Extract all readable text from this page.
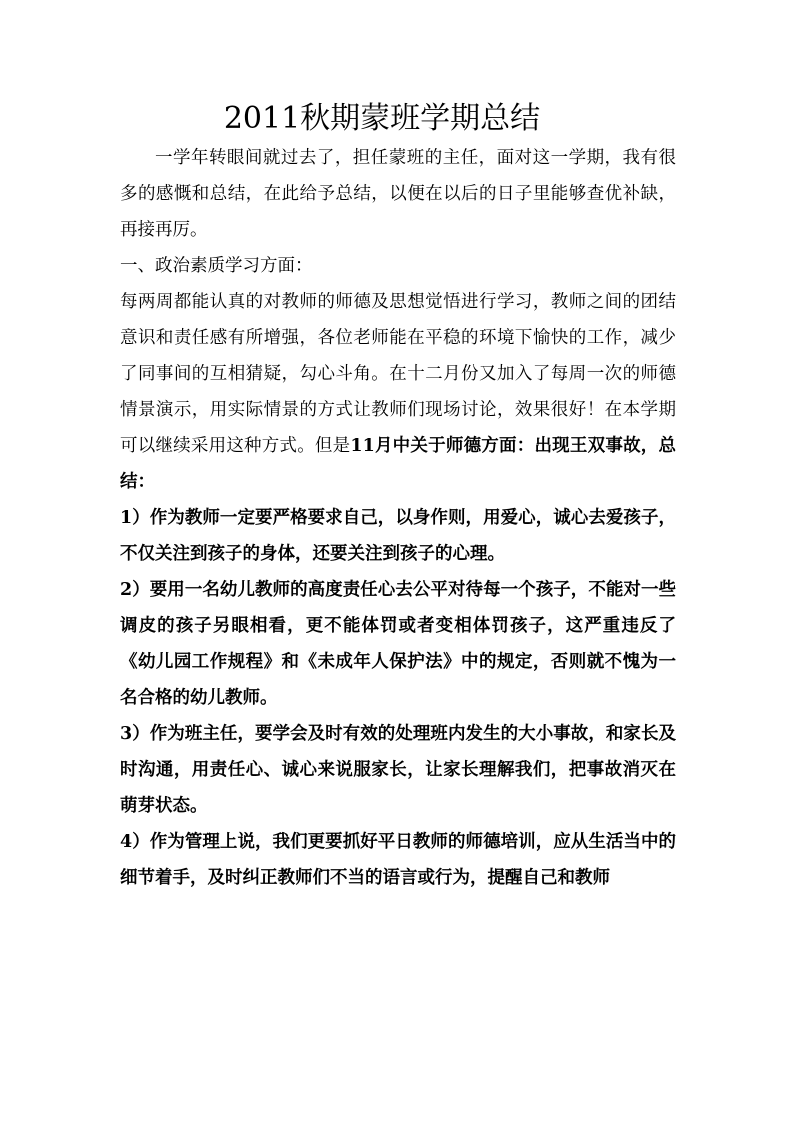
2011秋期蒙班学期总结

一学年转眼间就过去了，担任蒙班的主任，面对这一学期，我有很多的感慨和总结，在此给予总结，以便在以后的日子里能够查优补缺，再接再厉。

一、政治素质学习方面：

每两周都能认真的对教师的师德及思想觉悟进行学习，教师之间的团结意识和责任感有所增强，各位老师能在平稳的环境下愉快的工作，减少了同事间的互相猜疑，勾心斗角。在十二月份又加入了每周一次的师德情景演示，用实际情景的方式让教师们现场讨论，效果很好！在本学期可以继续采用这种方式。但是11月中关于师德方面：出现王双事故，总结：

1）作为教师一定要严格要求自己，以身作则，用爱心，诚心去爱孩子，不仅关注到孩子的身体，还要关注到孩子的心理。

2）要用一名幼儿教师的高度责任心去公平对待每一个孩子，不能对一些调皮的孩子另眼相看，更不能体罚或者变相体罚孩子，这严重违反了《幼儿园工作规程》和《未成年人保护法》中的规定，否则就不愧为一名合格的幼儿教师。

3）作为班主任，要学会及时有效的处理班内发生的大小事故，和家长及时沟通，用责任心、诚心来说服家长，让家长理解我们，把事故消灭在萌芽状态。

4）作为管理上说，我们更要抓好平日教师的师德培训，应从生活当中的细节着手，及时纠正教师们不当的语言或行为，提醒自己和教师
